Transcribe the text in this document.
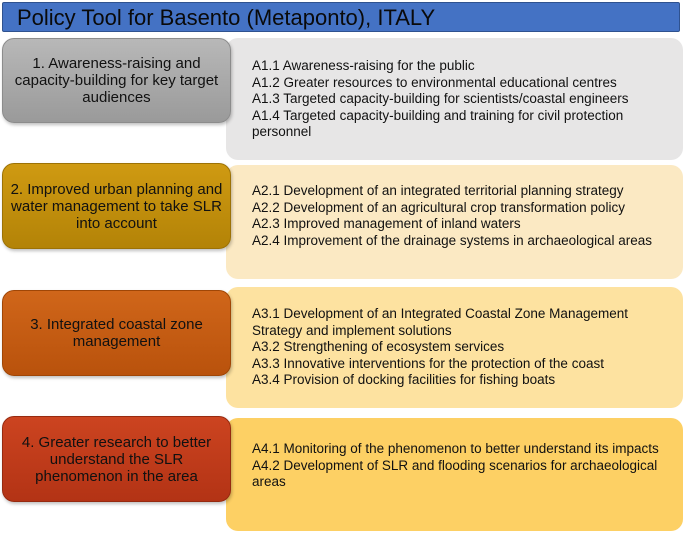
Policy Tool for Basento (Metaponto), ITALY
1. Awareness-raising and capacity-building for key target audiences
A1.1 Awareness-raising for the public
A1.2 Greater resources to environmental educational centres
A1.3 Targeted capacity-building for scientists/coastal engineers
A1.4 Targeted capacity-building and training for civil protection personnel
2. Improved urban planning and water management to take SLR into account
A2.1 Development of an integrated territorial planning strategy
A2.2 Development of an agricultural crop transformation policy
A2.3 Improved management of inland waters
A2.4 Improvement of the drainage systems in archaeological areas
3. Integrated coastal zone management
A3.1 Development of an Integrated Coastal Zone Management Strategy and implement solutions
A3.2 Strengthening of ecosystem services
A3.3 Innovative interventions for the protection of the coast
A3.4 Provision of docking facilities for fishing boats
4. Greater research to better understand the SLR phenomenon in the area
A4.1 Monitoring of the phenomenon to better understand its impacts
A4.2 Development of SLR and flooding scenarios for archaeological areas
